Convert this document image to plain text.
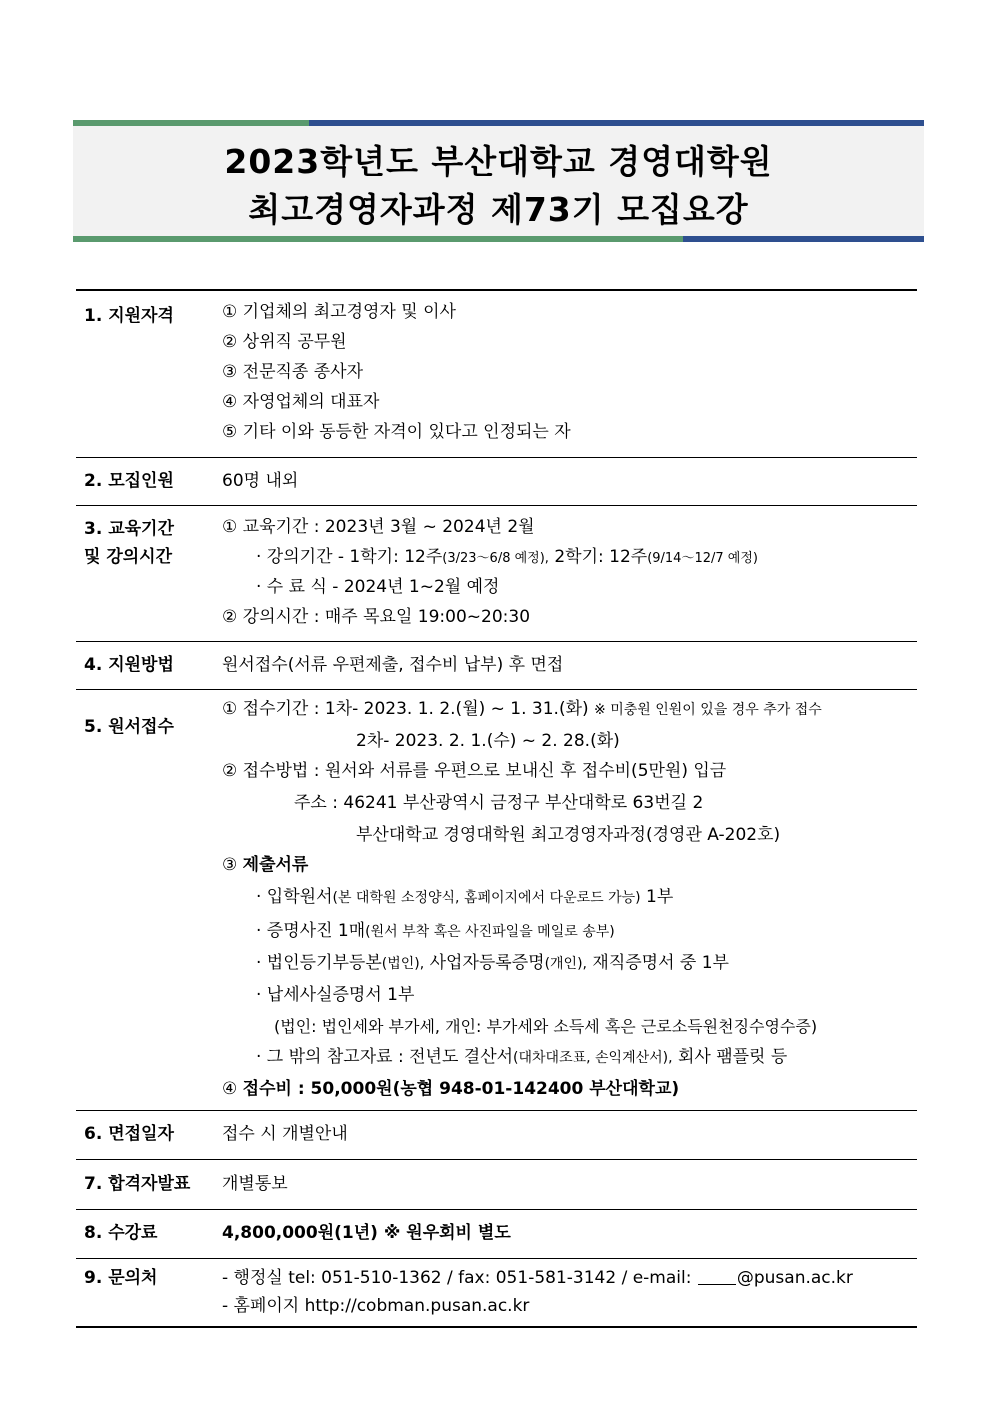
2023학년도 부산대학교 경영대학원
최고경영자과정 제73기 모집요강
1. 지원자격	① 기업체의 최고경영자 및 이사
② 상위직 공무원
③ 전문직종 종사자
④ 자영업체의 대표자
⑤ 기타 이와 동등한 자격이 있다고 인정되는 자
2. 모집인원	60명 내외
3. 교육기간
및 강의시간
① 교육기간 : 2023년 3월 ~ 2024년 2월
· 강의기간 - 1학기: 12주(3/23～6/8 예정), 2학기: 12주(9/14～12/7 예정)
· 수 료 식 - 2024년 1~2월 예정
② 강의시간 : 매주 목요일 19:00~20:30
4. 지원방법	원서접수(서류 우편제출, 접수비 납부) 후 면접
5. 원서접수
① 접수기간 : 1차- 2023. 1. 2.(월) ~ 1. 31.(화) ※ 미충원 인원이 있을 경우 추가 접수
2차- 2023. 2. 1.(수) ~ 2. 28.(화)
② 접수방법 : 원서와 서류를 우편으로 보내신 후 접수비(5만원) 입금
주소 : 46241 부산광역시 금정구 부산대학로 63번길 2
부산대학교 경영대학원 최고경영자과정(경영관 A-202호)
③ 제출서류
· 입학원서(본 대학원 소정양식, 홈페이지에서 다운로드 가능) 1부
· 증명사진 1매(원서 부착 혹은 사진파일을 메일로 송부)
· 법인등기부등본(법인), 사업자등록증명(개인), 재직증명서 중 1부
· 납세사실증명서 1부
(법인: 법인세와 부가세, 개인: 부가세와 소득세 혹은 근로소득원천징수영수증)
· 그 밖의 참고자료 : 전년도 결산서(대차대조표, 손익계산서), 회사 팸플릿 등
④ 접수비 : 50,000원(농협 948-01-142400 부산대학교)
6. 면접일자	접수 시 개별안내
7. 합격자발표 개별통보
8. 수강료	4,800,000원(1년) ※ 원우회비 별도
9. 문의처	- 행정실 tel: 051-510-1362 / fax: 051-581-3142 / e-mail: @pusan.ac.kr
- 홈페이지 http://cobman.pusan.ac.kr
